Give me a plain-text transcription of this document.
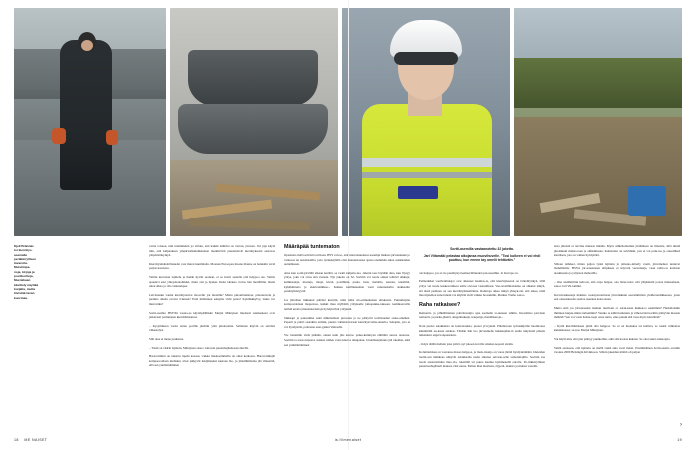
Kjell Brännäs
toi kierrätys-
asemalle
peräkärryllisen
tavaroita.
Muistiinpa-
noja, kirjoja ja
postikortteja,
Murokkaan
käsittely näyttää
kurjalta, mutta
tiivistää tavan
kuormaa.

vartta toiseen, niin tulemmekin yo silloin, että kaikki nähtävä on vaivan, järveen. Voi juja käytä niin, että kuljetuksen ympäristökuluihetukset merkiträvät pieneristivät kierrätyksestä aastavaa ympäristökytkyä.

Kierrätysmahdollisuudet ovat murat kuniititaän. Moanan Euroopan maana tilanne on hankalin vertä paljon kasvussa.

Valtiiu kuvataan lajittelu ja meiän hyvän saatuan, ei se hortti seutella että helppoa ole. Valitis apaulevi esut yhteyskokohmäet, muut otat ja hyaker. Kuka tahansa vortaa lain meriällinä, mutta uiten alkaa jo olla vaikeampaa.

Laivitaanku vaulut kierrätyssuvat moorriin yai metallin? Miten pinoutttamaton, pinoutetvetu ja puduita oikein evavut tviutaan? Entä miillainen sekajäte virhi palaa? Kyntäkkkylvy, lauka var murvattku?

Sortti-asemia HSY:llä vastaa-aa käyttöpäällikkö Marjut Mäntynen mielessä suumaakust ovat jatkuvasti perinnanen kierrätämaanssa.

– Kysymmeen vastta sitten portille jäettäin yölä pikoluomia. Sellainen käyvin on selvästi viikestelyst.

Silti aina ei mene puuhessa.

– Tässä on väärin lajittelu, Mäntynen sanoo valtavan puutarhajätekasan äärellä.

Haravoiminn on nakattu ripeän kasaan, vaikka muskoemmallu on omat kerkossa. Haravoiminjät kompaoroidaan mullaksi, sivut pätkyvät tukijätteeksi kustaan bio- ja jätteilhtimaina jää viikesttiä, eilä sen yuumärtämmen

Määräpää tuntematon

Opastusta tiellä selvästi tarvitaan. HSY toivoo, että tulevaisuudessa useampi maksaa järvenakuun jo verkossa tai automaatilla, jotta työntekijöiltä olisi laatuaistaansa ajassa enemmän aikaa asiakkaiden auttamiseen.

Aina kun sortti-järvällä alkaan kerättä, se vaatii kuljettu-tua. Jakettu taas löyäään aina, kun löytyy yritys, joku voi ottaa sitä vastaan. Nyt jakeita on 32. Sorttiin voi tuoda eniten tehtävä aikkuja, kemikaaleja, maaleja, rinaja, kiveä, postiliinia, puuta, lasia, metallia, seuruta, tekstiiliä, kyhäluittteita ja elektroniikkaa... Kaiken kaillinenemen vaati satunnaiseltu aiakkaaltu perehtymistyyttä.

Jos jättöäten liikkunut pättäisi kuuviin, niitä tulisi mo-nimutkaisen elinkaaris. Punturhajäte kompostoidaan mapariosa, kaikki muu myllätää yritykselle jatkopukke-tukseen. kemikaaveilla termiä uuotta järentaaterisaloja hyödynrävät yrityksiä.

Jäkkaapi ja pakastimet sekä sähkölaitteet purotaan ja ne päätyvät teollisuuden raaka-aineiksi. Paperit ja pahvi saatakiin teriään, puusta vahiaistavaraan kierrätysvoima-ainerita. Sekajäte, jota ei voi hyödyntää, poltetaan ener-giaksi Vantaalla.

Vie loulemiin vielä pitkään, ennen kuin jäte kertoo paluu-kultutyan elimiäin suresa tautorua. Sorttiin ta-varaa kipaava asiakas niiden vasta kierros alkupaluu. Uudelleenjaluuta jää rakatksi, eikä sen yammärtäminen

Sortti-asemilla vastaanotettu 32 jaketta.
Jari Viitamäki pelastaa aikojansa muovihuvelle. "Tosi kulkeen ei voi ehdi puuttuu, kun ennen tay omeili tehtäväin."

ole helppoa, jos ei ole perehtynyt kemeerlättuuden preoseseihin. Ja harvapa on.

Esimerkiksi vaativalmaisjat ovat alkaneet haumas-ta, että kierrätyksessä on brändityitkyä, tällä yritys vai tuoda kuskeveriinest esille olevaaa vastuullisen. Vaa-tevelllmaislema on alkanut näkyä, etä tässä paslinan on sen kierrättymisemöinta. Raluttoja alkaa näkyä yhteyk-siä, että aikaa, niitä muovijatellen sunovahein voi käyttää vielä vaikka hoosukilin, Markus Tretho sanoo.

Raha ratkaisee?

Remontti- ja pihkällinuiten pahvitusunjia ajaa asemalle ta-uuneen tahtiin. Kuormista parviaan remontti- ja purku-jätettä, aingenluukuja, kaupanja, metallikeroja...

Noin puolet asiakkaista on kotitalouksia, puolet yri-tyksiä. Pihallevaan työntekijöille huomionsa kiinnittäää en-kasta asiakas. Tänään hän tuo järvenmelle leikkuujätet-tä entän tuhytteitä pihalta leikatuista angervonpensaista.

– Käyn täällä mellein joka päivä, nyt jakoen kovilla omaksi-noposti sisään.

Kolutttamisen on vaaranaa massa helppoa, ja mais-riaanjo on varaa järiää hyödyntämättä. Ideteiden tuomi-sen muhkeus näkyvät asiakkaalle usein aikansa saivaan-selle remonttiajille. Sorttiin saa tuoda enokrottiiduu muo-via, tekstiiliä tai puuta kuuluu kymmenellä eurolla. Pe-riikkivyllinen punartaarhajätterii maksaa viisi eurua. Eniten ihan maalasta, öljyerä, akuista ja muista vaaralli-

sista jitteistä ei tarvitse maksaa mitään. Myös sähkölaitteiden järtämisen on ilmaista, sillä niiniä järenäkum mahes-taan ja omikimaana. Kalisteista on selvähäin, jota ei voi pulu-taa ja oiseeltihed kierräsen, jota on vaihen hyödynätä.

Silloen nähdeet, miten paljon tyrkä lajittelu ja jallesko-nitterly vaatii, järvemeluut tuntuvat mahdilleilta. HSY:n jär-tenaanteen ellipiksen ei käyvetä veevunsuja, vaan tomio-ta kattraan aisakkaalaa ja yritysten mahoullla.

– Ona aistähtävätu keltoon, että onpa halpaa, ona lleter-telev, että yhtjästkiin jootaa maksamaan, sanoo Jari Vii-tamäki.

Kerrottaakseanja mahkaa rookajossotrinaan järvenäkuun useremmitten yleitkvaeidikkeessa, joten een oleesanuseite saattaa useekua kokoonaan.

Mutta entä jos järvenaanan maksut tuutivant ot asiak-kaan kukkaroa enemmän? Harkittaisiiin ihminen luujuu-minia tarhemmin? Veniko se kiiltä kulutusta ja vähen-täisi korttiin päätyvän massan määrää? Sen voi vasta haista-taaja ostaa uutta, edes pienin ebä vaaa myös kierrättää?

– Kyllä kierrätämiseen pitiiä olla helppoa. Se ei on huoluksa tai kallista, se toukii vahhattaa kulutuksessa, sa-noo Marjut Mäntynen.

Voi käytä niin, että jäte pääsyy puulkoihin, eikä sitä ka-haa kukaan. Se oksi askel taskuotpia.

Vaiilä asuloeen, että lajittelu on mellä viekä aika vaoti ileisti. Ensimmäinen hortti-asema avattiin vuonna 2000 Helsingin Kivikkoon. Silloin jakeiden määrä oli paljon

18 ME NAISET	is.fi/menaiset	19
›
